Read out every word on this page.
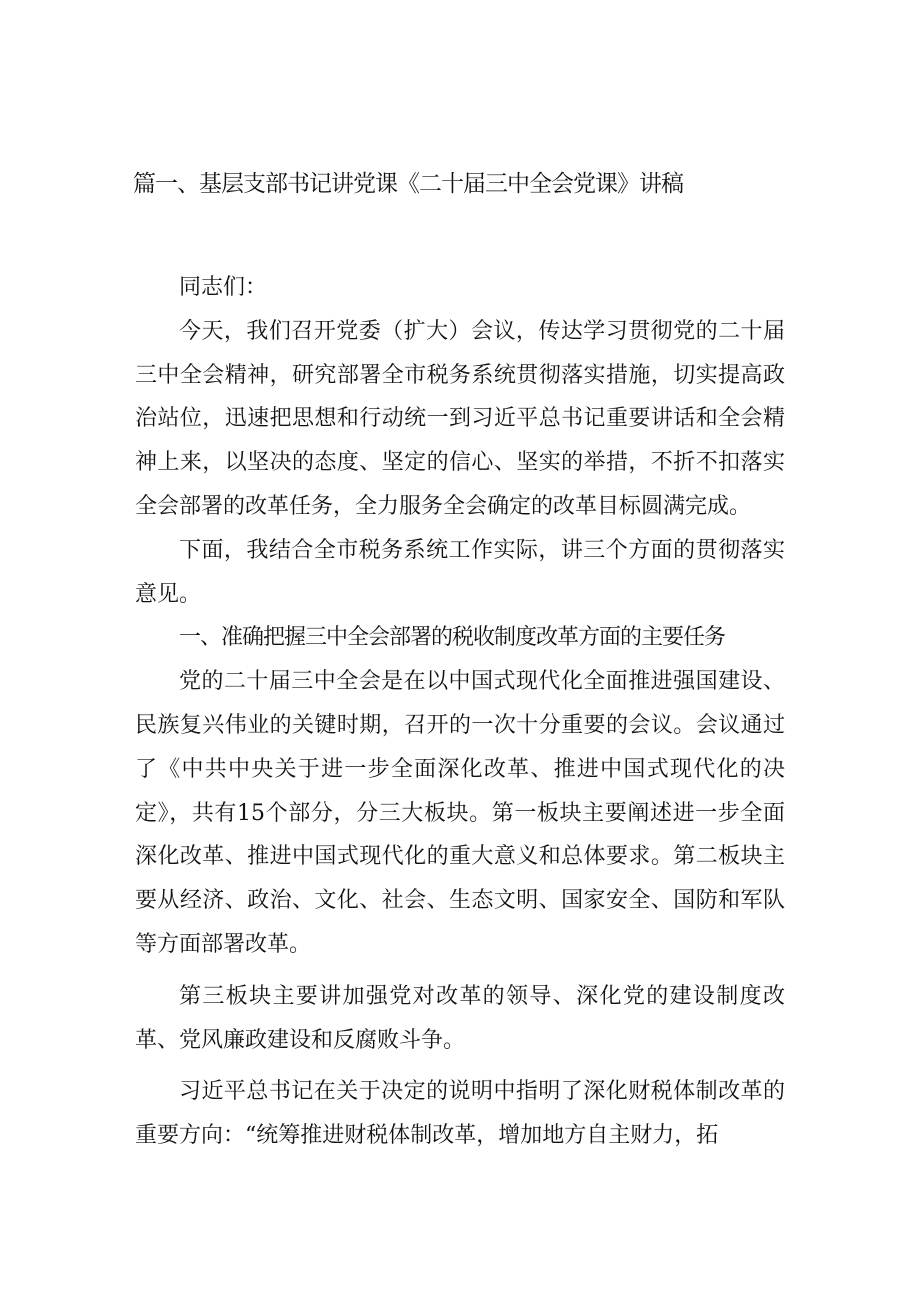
篇一、基层支部书记讲党课《二十届三中全会党课》讲稿

同志们：

今天，我们召开党委（扩大）会议，传达学习贯彻党的二十届三中全会精神，研究部署全市税务系统贯彻落实措施，切实提高政治站位，迅速把思想和行动统一到习近平总书记重要讲话和全会精神上来，以坚决的态度、坚定的信心、坚实的举措，不折不扣落实全会部署的改革任务，全力服务全会确定的改革目标圆满完成。

下面，我结合全市税务系统工作实际，讲三个方面的贯彻落实意见。

一、准确把握三中全会部署的税收制度改革方面的主要任务

党的二十届三中全会是在以中国式现代化全面推进强国建设、民族复兴伟业的关键时期，召开的一次十分重要的会议。会议通过了《中共中央关于进一步全面深化改革、推进中国式现代化的决定》，共有15个部分，分三大板块。第一板块主要阐述进一步全面深化改革、推进中国式现代化的重大意义和总体要求。第二板块主要从经济、政治、文化、社会、生态文明、国家安全、国防和军队等方面部署改革。

第三板块主要讲加强党对改革的领导、深化党的建设制度改革、党风廉政建设和反腐败斗争。

习近平总书记在关于决定的说明中指明了深化财税体制改革的重要方向：“统筹推进财税体制改革，增加地方自主财力，拓
